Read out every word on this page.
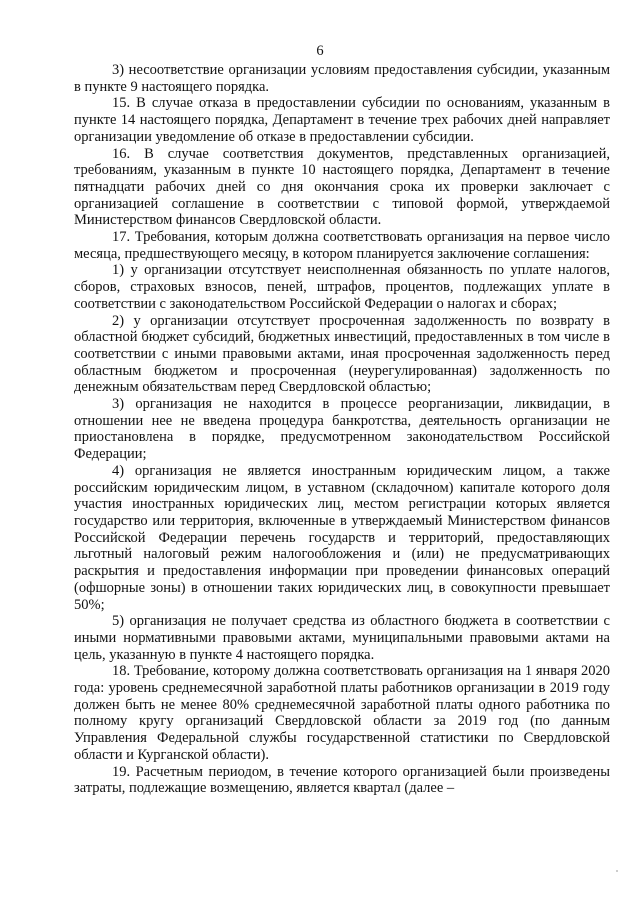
6

3) несоответствие организации условиям предоставления субсидии, указанным в пункте 9 настоящего порядка.

15. В случае отказа в предоставлении субсидии по основаниям, указанным в пункте 14 настоящего порядка, Департамент в течение трех рабочих дней направляет организации уведомление об отказе в предоставлении субсидии.

16. В случае соответствия документов, представленных организацией, требованиям, указанным в пункте 10 настоящего порядка, Департамент в течение пятнадцати рабочих дней со дня окончания срока их проверки заключает с организацией соглашение в соответствии с типовой формой, утверждаемой Министерством финансов Свердловской области.

17. Требования, которым должна соответствовать организация на первое число месяца, предшествующего месяцу, в котором планируется заключение соглашения:

1) у организации отсутствует неисполненная обязанность по уплате налогов, сборов, страховых взносов, пеней, штрафов, процентов, подлежащих уплате в соответствии с законодательством Российской Федерации о налогах и сборах;

2) у организации отсутствует просроченная задолженность по возврату в областной бюджет субсидий, бюджетных инвестиций, предоставленных в том числе в соответствии с иными правовыми актами, иная просроченная задолженность перед областным бюджетом и просроченная (неурегулированная) задолженность по денежным обязательствам перед Свердловской областью;

3) организация не находится в процессе реорганизации, ликвидации, в отношении нее не введена процедура банкротства, деятельность организации не приостановлена в порядке, предусмотренном законодательством Российской Федерации;

4) организация не является иностранным юридическим лицом, а также российским юридическим лицом, в уставном (складочном) капитале которого доля участия иностранных юридических лиц, местом регистрации которых является государство или территория, включенные в утверждаемый Министерством финансов Российской Федерации перечень государств и территорий, предоставляющих льготный налоговый режим налогообложения и (или) не предусматривающих раскрытия и предоставления информации при проведении финансовых операций (офшорные зоны) в отношении таких юридических лиц, в совокупности превышает 50%;

5) организация не получает средства из областного бюджета в соответствии с иными нормативными правовыми актами, муниципальными правовыми актами на цель, указанную в пункте 4 настоящего порядка.

18. Требование, которому должна соответствовать организация на 1 января 2020 года: уровень среднемесячной заработной платы работников организации в 2019 году должен быть не менее 80% среднемесячной заработной платы одного работника по полному кругу организаций Свердловской области за 2019 год (по данным Управления Федеральной службы государственной статистики по Свердловской области и Курганской области).

19. Расчетным периодом, в течение которого организацией были произведены затраты, подлежащие возмещению, является квартал (далее –
